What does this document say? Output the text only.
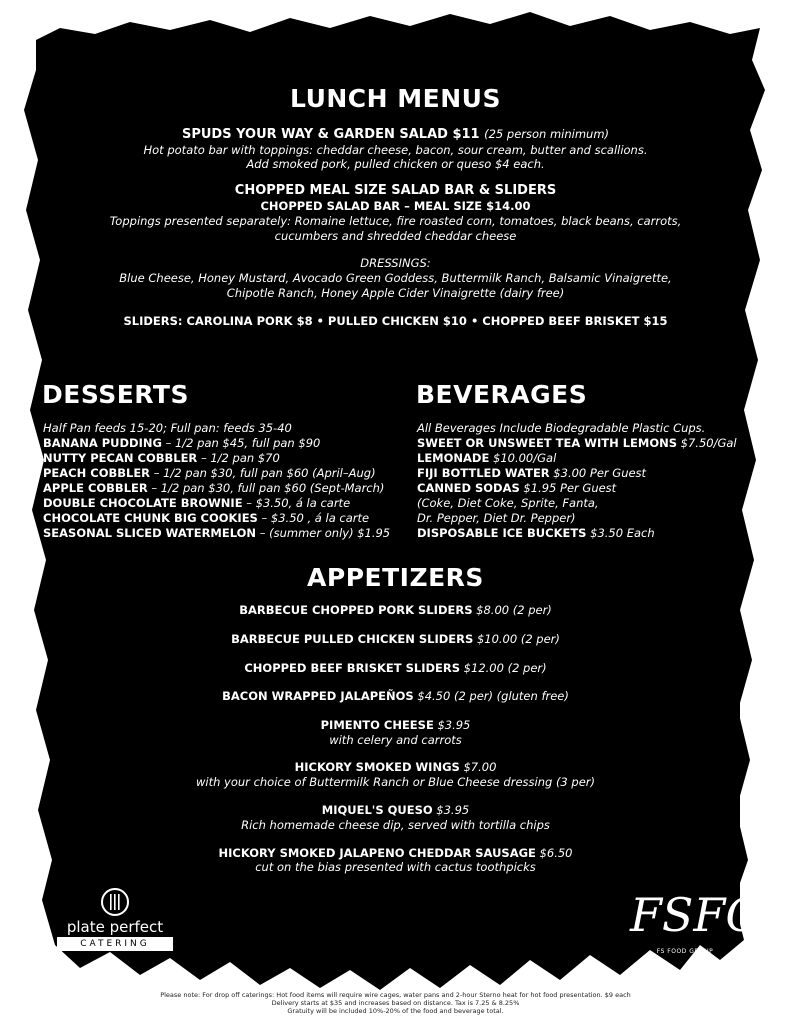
LUNCH MENUS
SPUDS YOUR WAY & GARDEN SALAD $11 (25 person minimum)
Hot potato bar with toppings: cheddar cheese, bacon, sour cream, butter and scallions.
Add smoked pork, pulled chicken or queso $4 each.
CHOPPED MEAL SIZE SALAD BAR & SLIDERS
CHOPPED SALAD BAR – MEAL SIZE $14.00
Toppings presented separately: Romaine lettuce, fire roasted corn, tomatoes, black beans, carrots,
cucumbers and shredded cheddar cheese
DRESSINGS:
Blue Cheese, Honey Mustard, Avocado Green Goddess, Buttermilk Ranch, Balsamic Vinaigrette,
Chipotle Ranch, Honey Apple Cider Vinaigrette (dairy free)
SLIDERS: CAROLINA PORK $8 • PULLED CHICKEN $10 • CHOPPED BEEF BRISKET $15
DESSERTS
Half Pan feeds 15-20; Full pan: feeds 35-40
BANANA PUDDING – 1/2 pan $45, full pan $90
NUTTY PECAN COBBLER – 1/2 pan $70
PEACH COBBLER – 1/2 pan $30, full pan $60 (April–Aug)
APPLE COBBLER – 1/2 pan $30, full pan $60 (Sept-March)
DOUBLE CHOCOLATE BROWNIE – $3.50, á la carte
CHOCOLATE CHUNK BIG COOKIES – $3.50 , á la carte
SEASONAL SLICED WATERMELON – (summer only) $1.95
BEVERAGES
All Beverages Include Biodegradable Plastic Cups.
SWEET OR UNSWEET TEA WITH LEMONS $7.50/Gal
LEMONADE $10.00/Gal
FIJI BOTTLED WATER $3.00 Per Guest
CANNED SODAS $1.95 Per Guest
(Coke, Diet Coke, Sprite, Fanta,
Dr. Pepper, Diet Dr. Pepper)
DISPOSABLE ICE BUCKETS $3.50 Each
APPETIZERS
BARBECUE CHOPPED PORK SLIDERS $8.00 (2 per)
BARBECUE PULLED CHICKEN SLIDERS $10.00 (2 per)
CHOPPED BEEF BRISKET SLIDERS $12.00 (2 per)
BACON WRAPPED JALAPEÑOS $4.50 (2 per) (gluten free)
PIMENTO CHEESE $3.95
with celery and carrots
HICKORY SMOKED WINGS $7.00
with your choice of Buttermilk Ranch or Blue Cheese dressing (3 per)
MIQUEL'S QUESO $3.95
Rich homemade cheese dip, served with tortilla chips
HICKORY SMOKED JALAPENO CHEDDAR SAUSAGE $6.50
cut on the bias presented with cactus toothpicks
plate perfect
CATERING
FSFG
FS FOOD GROUP
Please note: For drop off caterings: Hot food items will require wire cages, water pans and 2-hour Sterno heat for hot food presentation. $9 each
Delivery starts at $35 and increases based on distance. Tax is 7.25 & 8.25%
Gratuity will be included 10%-20% of the food and beverage total.
